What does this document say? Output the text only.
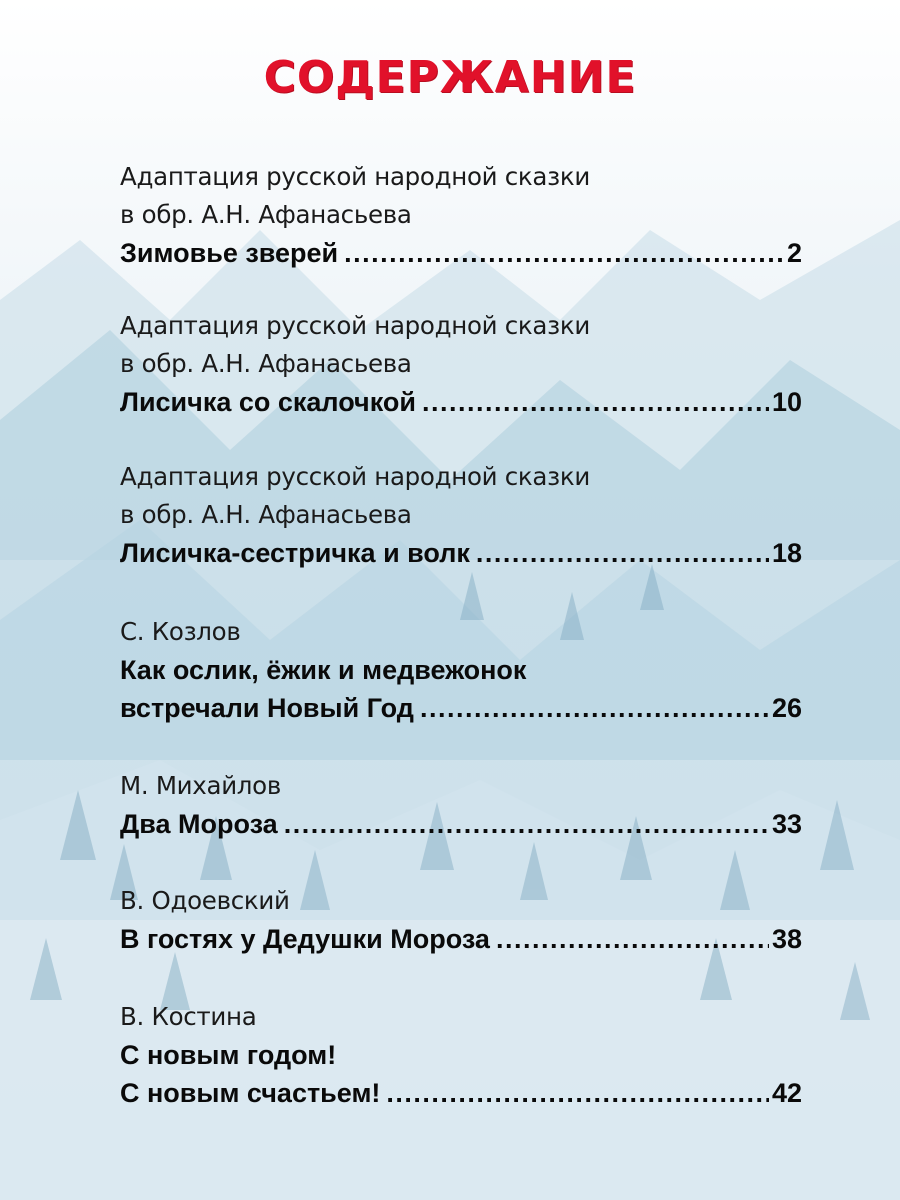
СОДЕРЖАНИЕ
Адаптация русской народной сказки
в обр. А.Н. Афанасьева
Зимовье зверей .....	2
Адаптация русской народной сказки
в обр. А.Н. Афанасьева
Лисичка со скалочкой .....	10
Адаптация русской народной сказки
в обр. А.Н. Афанасьева
Лисичка-сестричка и волк .....	18
С. Козлов
Как ослик, ёжик и медвежонок
встречали Новый Год .....	26
М. Михайлов
Два Мороза .....	33
В. Одоевский
В гостях у Дедушки Мороза .....	38
В. Костина
С новым годом!
С новым счастьем! .....	42
